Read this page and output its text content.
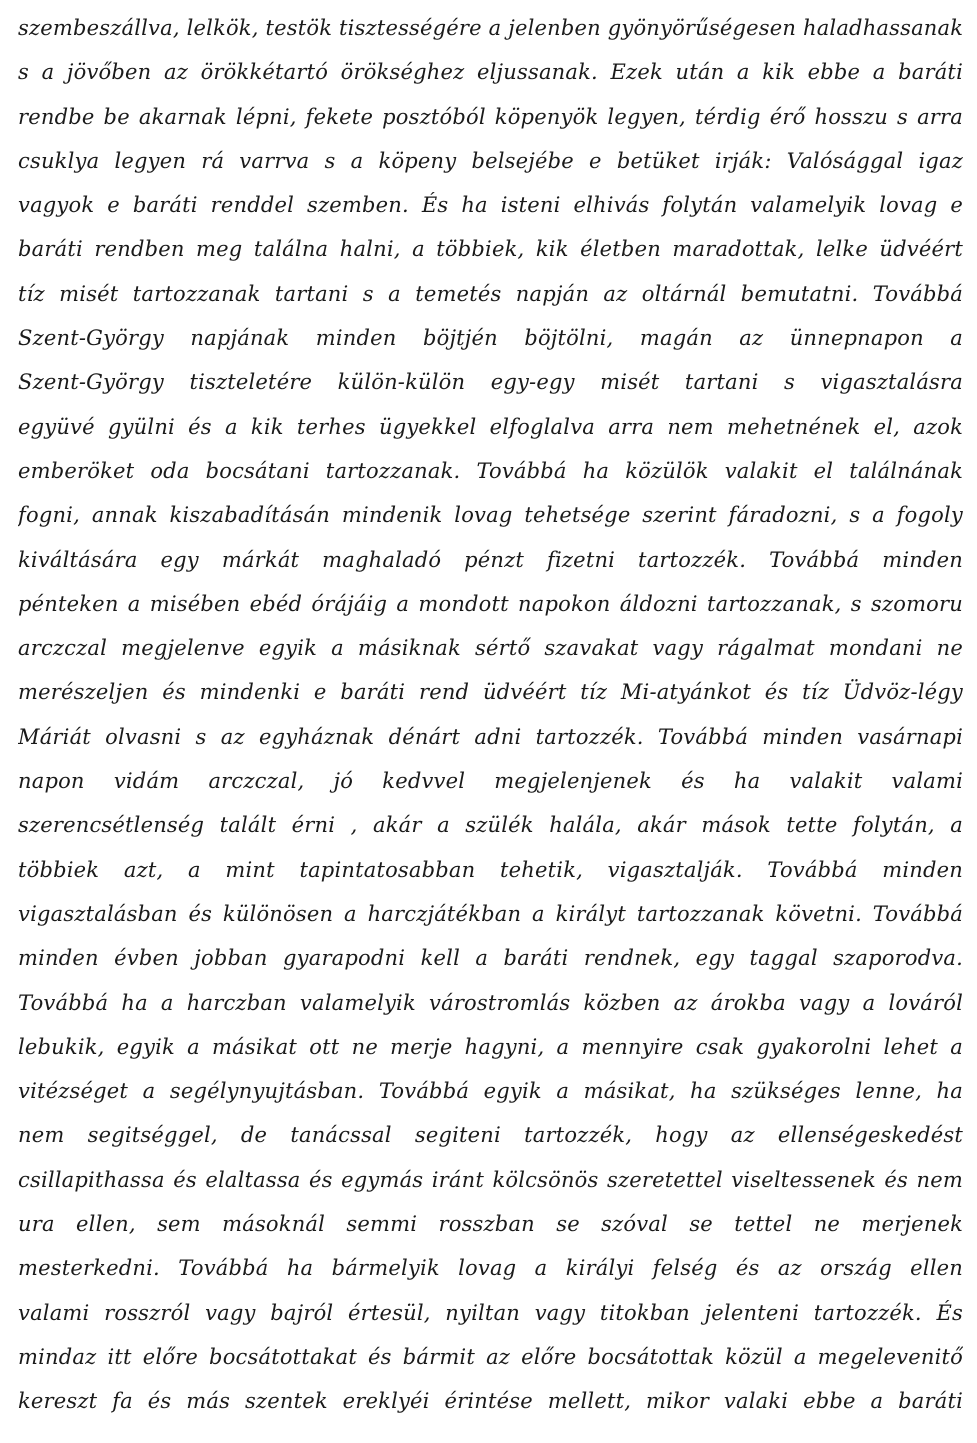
szembeszállva, lelkök, testök tisztességére a jelenben gyönyörűségesen haladhassanak
s a jövőben az örökkétartó örökséghez eljussanak. Ezek után a kik ebbe a baráti
rendbe be akarnak lépni, fekete posztóból köpenyök legyen, térdig érő hosszu s arra
csuklya legyen rá varrva s a köpeny belsejébe e betüket irják: Valósággal igaz
vagyok e baráti renddel szemben. És ha isteni elhivás folytán valamelyik lovag e
baráti rendben meg találna halni, a többiek, kik életben maradottak, lelke üdvéért
tíz misét tartozzanak tartani s a temetés napján az oltárnál bemutatni. Továbbá
Szent-György napjának minden böjtjén böjtölni, magán az ünnepnapon a
Szent-György tiszteletére külön-külön egy-egy misét tartani s vigasztalásra
együvé gyülni és a kik terhes ügyekkel elfoglalva arra nem mehetnének el, azok
emberöket oda bocsátani tartozzanak. Továbbá ha közülök valakit el találnának
fogni, annak kiszabadításán mindenik lovag tehetsége szerint fáradozni, s a fogoly
kiváltására egy márkát maghaladó pénzt fizetni tartozzék. Továbbá minden
pénteken a misében ebéd órájáig a mondott napokon áldozni tartozzanak, s szomoru
arczczal megjelenve egyik a másiknak sértő szavakat vagy rágalmat mondani ne
merészeljen és mindenki e baráti rend üdvéért tíz Mi-atyánkot és tíz Üdvöz-légy
Máriát olvasni s az egyháznak dénárt adni tartozzék. Továbbá minden vasárnapi
napon vidám arczczal, jó kedvvel megjelenjenek és ha valakit valami
szerencsétlenség talált érni , akár a szülék halála, akár mások tette folytán, a
többiek azt, a mint tapintatosabban tehetik, vigasztalják. Továbbá minden
vigasztalásban és különösen a harczjátékban a királyt tartozzanak követni. Továbbá
minden évben jobban gyarapodni kell a baráti rendnek, egy taggal szaporodva.
Továbbá ha a harczban valamelyik várostromlás közben az árokba vagy a lováról
lebukik, egyik a másikat ott ne merje hagyni, a mennyire csak gyakorolni lehet a
vitézséget a segélynyujtásban. Továbbá egyik a másikat, ha szükséges lenne, ha
nem segitséggel, de tanácssal segiteni tartozzék, hogy az ellenségeskedést
csillapithassa és elaltassa és egymás iránt kölcsönös szeretettel viseltessenek és nem
ura ellen, sem másoknál semmi rosszban se szóval se tettel ne merjenek
mesterkedni. Továbbá ha bármelyik lovag a királyi felség és az ország ellen
valami rosszról vagy bajról értesül, nyiltan vagy titokban jelenteni tartozzék. És
mindaz itt előre bocsátottakat és bármit az előre bocsátottak közül a megelevenitő
kereszt fa és más szentek ereklyéi érintése mellett, mikor valaki ebbe a baráti
